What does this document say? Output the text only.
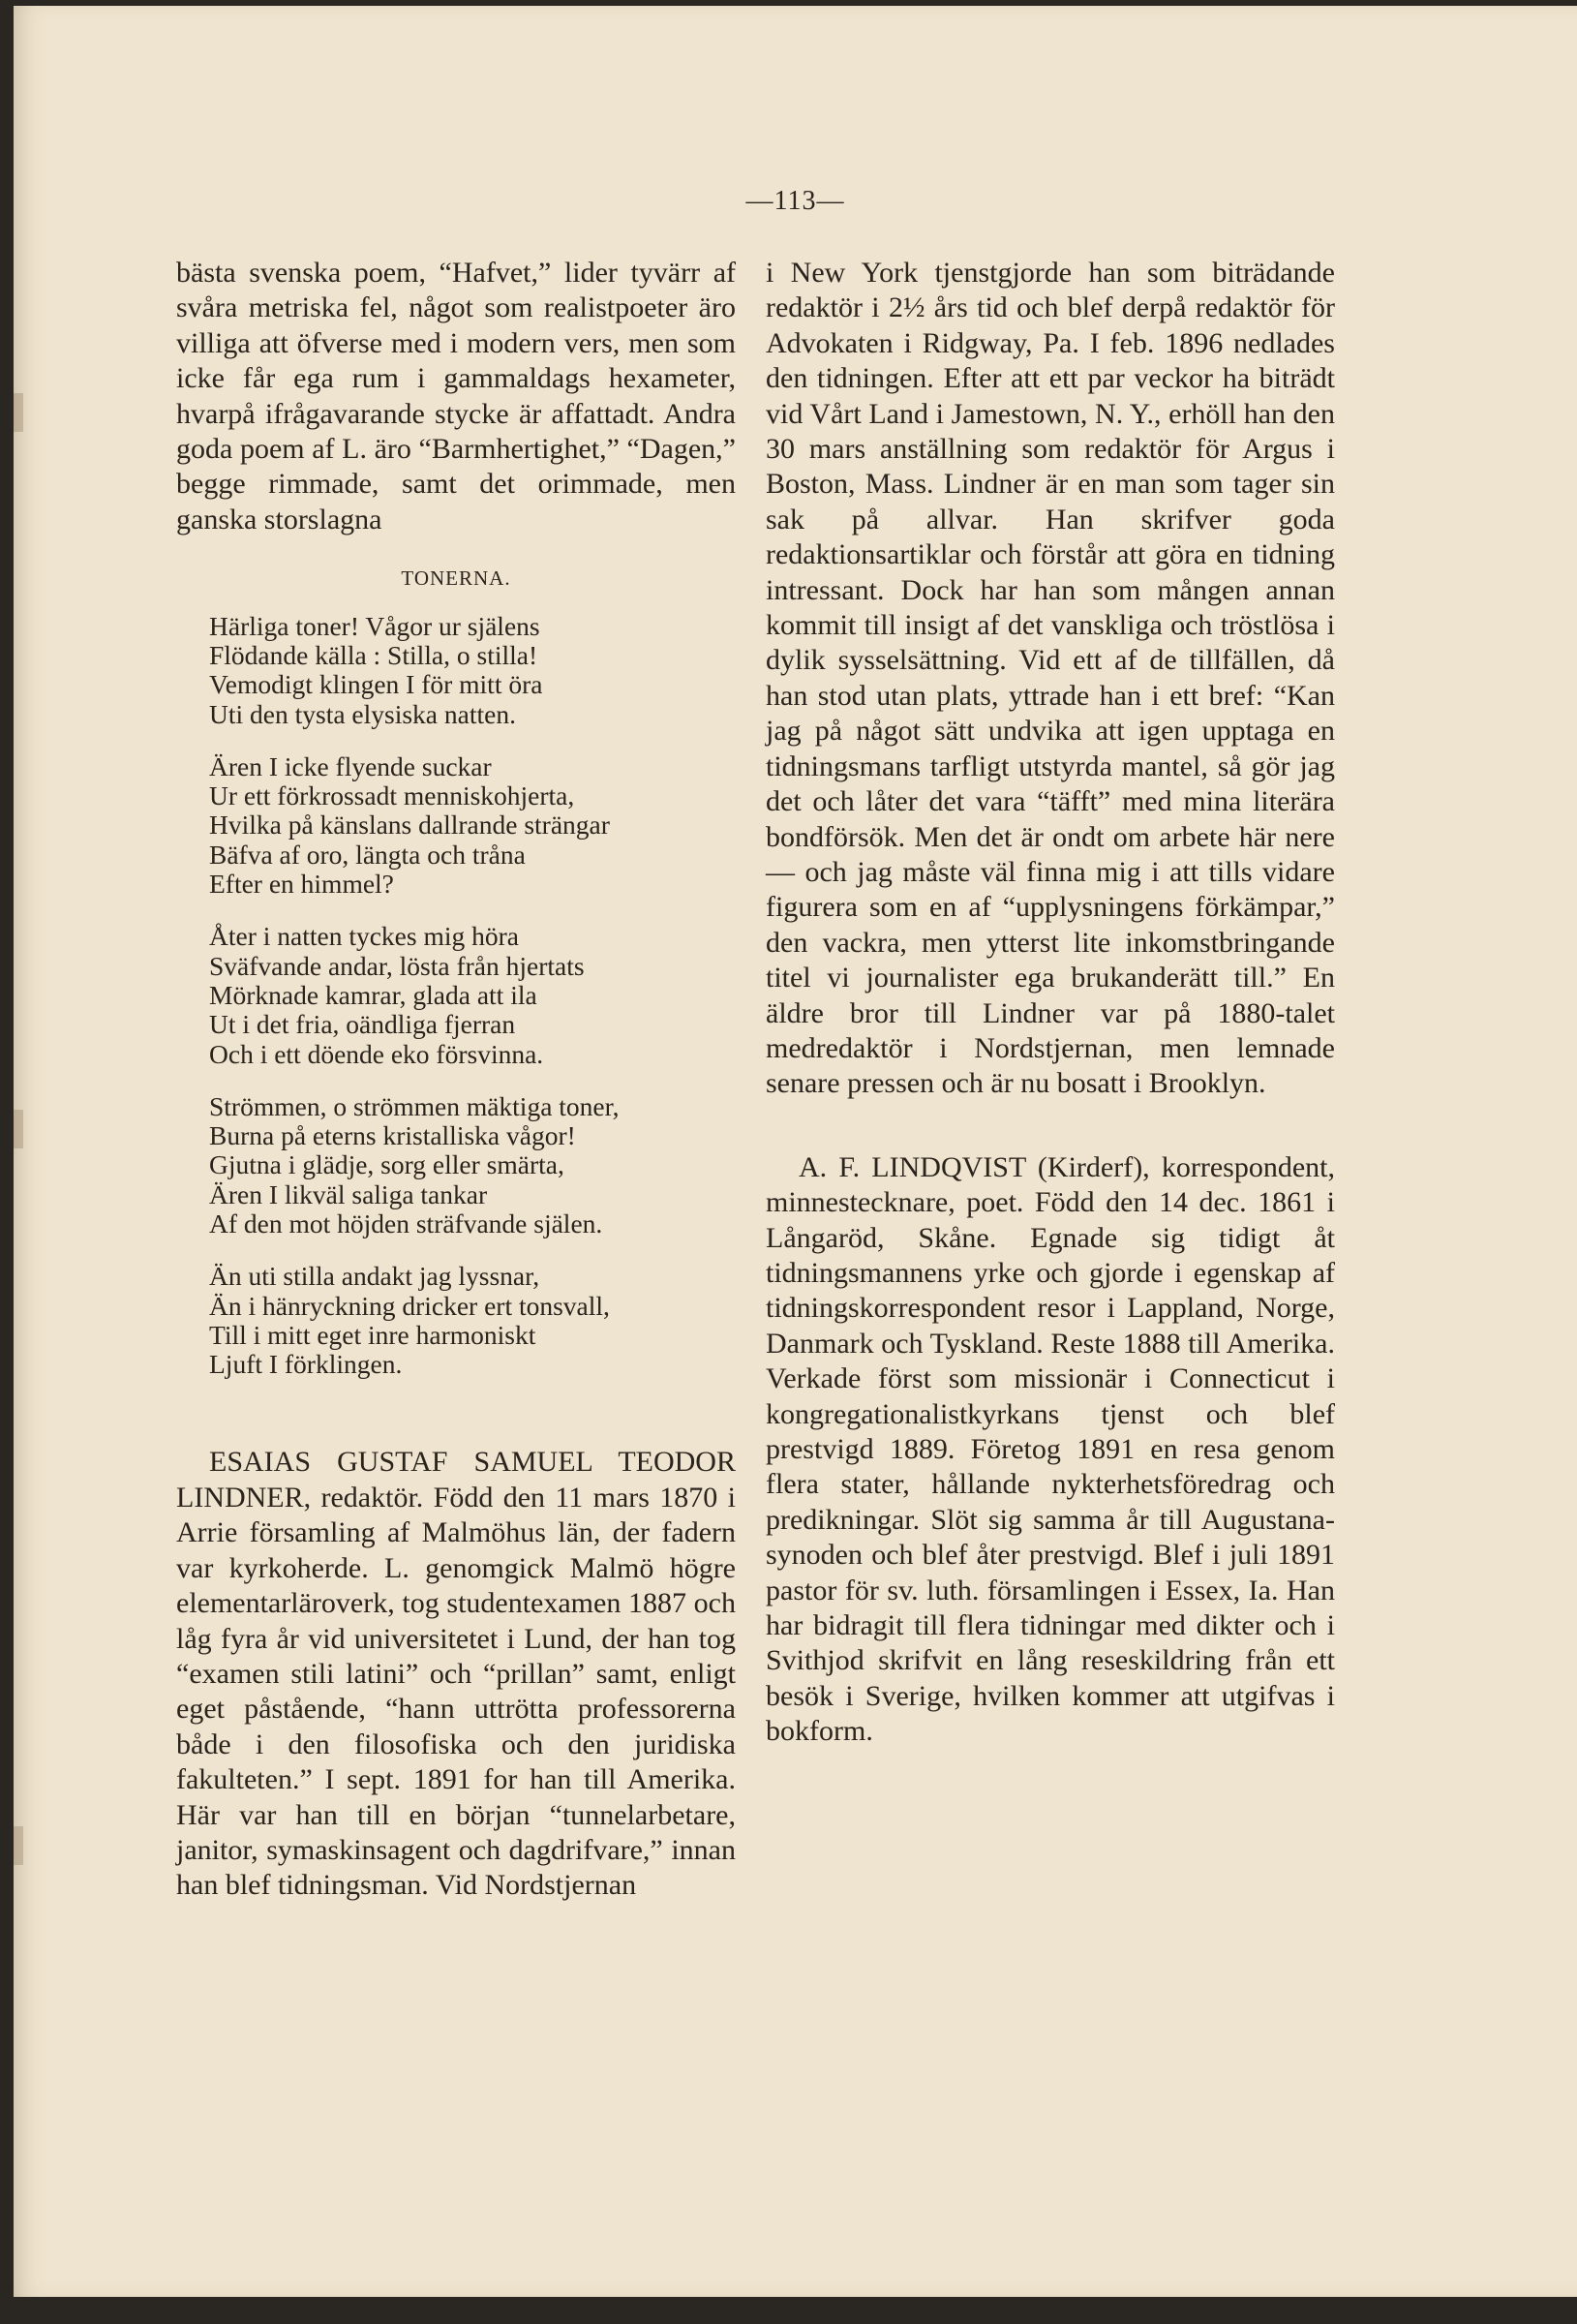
—113—

bästa svenska poem, “Hafvet,” lider tyvärr af svåra metriska fel, något som realistpoeter äro villiga att öfverse med i modern vers, men som icke får ega rum i gammaldags hexameter, hvarpå ifrågavarande stycke är affattadt. Andra goda poem af L. äro “Barmhertighet,” “Dagen,” begge rimmade, samt det orimmade, men ganska storslagna

TONERNA.
Härliga toner! Vågor ur själens
Flödande källa : Stilla, o stilla!
Vemodigt klingen I för mitt öra
Uti den tysta elysiska natten.
Ären I icke flyende suckar
Ur ett förkrossadt menniskohjerta,
Hvilka på känslans dallrande strängar
Bäfva af oro, längta och tråna
Efter en himmel?
Åter i natten tyckes mig höra
Sväfvande andar, lösta från hjertats
Mörknade kamrar, glada att ila
Ut i det fria, oändliga fjerran
Och i ett döende eko försvinna.
Strömmen, o strömmen mäktiga toner,
Burna på eterns kristalliska vågor!
Gjutna i glädje, sorg eller smärta,
Ären I likväl saliga tankar
Af den mot höjden sträfvande själen.
Än uti stilla andakt jag lyssnar,
Än i hänryckning dricker ert tonsvall,
Till i mitt eget inre harmoniskt
Ljuft I förklingen.

ESAIAS GUSTAF SAMUEL TEODOR LINDNER, redaktör. Född den 11 mars 1870 i Arrie församling af Malmöhus län, der fadern var kyrkoherde. L. genomgick Malmö högre elementarläroverk, tog studentexamen 1887 och låg fyra år vid universitetet i Lund, der han tog “examen stili latini” och “prillan” samt, enligt eget påstående, “hann uttrötta professorerna både i den filosofiska och den juridiska fakulteten.” I sept. 1891 for han till Amerika. Här var han till en början “tunnelarbetare, janitor, symaskinsagent och dagdrifvare,” innan han blef tidningsman. Vid Nordstjernan

i New York tjenstgjorde han som biträdande redaktör i 2½ års tid och blef derpå redaktör för Advokaten i Ridgway, Pa. I feb. 1896 nedlades den tidningen. Efter att ett par veckor ha biträdt vid Vårt Land i Jamestown, N. Y., erhöll han den 30 mars anställning som redaktör för Argus i Boston, Mass. Lindner är en man som tager sin sak på allvar. Han skrifver goda redaktionsartiklar och förstår att göra en tidning intressant. Dock har han som mången annan kommit till insigt af det vanskliga och tröstlösa i dylik sysselsättning. Vid ett af de tillfällen, då han stod utan plats, yttrade han i ett bref: “Kan jag på något sätt undvika att igen upptaga en tidningsmans tarfligt utstyrda mantel, så gör jag det och låter det vara “täfft” med mina literära bondförsök. Men det är ondt om arbete här nere — och jag måste väl finna mig i att tills vidare figurera som en af “upplysningens förkämpar,” den vackra, men ytterst lite inkomstbringande titel vi journalister ega brukanderätt till.” En äldre bror till Lindner var på 1880-talet medredaktör i Nordstjernan, men lemnade senare pressen och är nu bosatt i Brooklyn.

A. F. LINDQVIST (Kirderf), korrespondent, minnestecknare, poet. Född den 14 dec. 1861 i Långaröd, Skåne. Egnade sig tidigt åt tidningsmannens yrke och gjorde i egenskap af tidningskorrespondent resor i Lappland, Norge, Danmark och Tyskland. Reste 1888 till Amerika. Verkade först som missionär i Connecticut i kongregationalistkyrkans tjenst och blef prestvigd 1889. Företog 1891 en resa genom flera stater, hållande nykterhetsföredrag och predikningar. Slöt sig samma år till Augustana-synoden och blef åter prestvigd. Blef i juli 1891 pastor för sv. luth. församlingen i Essex, Ia. Han har bidragit till flera tidningar med dikter och i Svithjod skrifvit en lång reseskildring från ett besök i Sverige, hvilken kommer att utgifvas i bokform.
